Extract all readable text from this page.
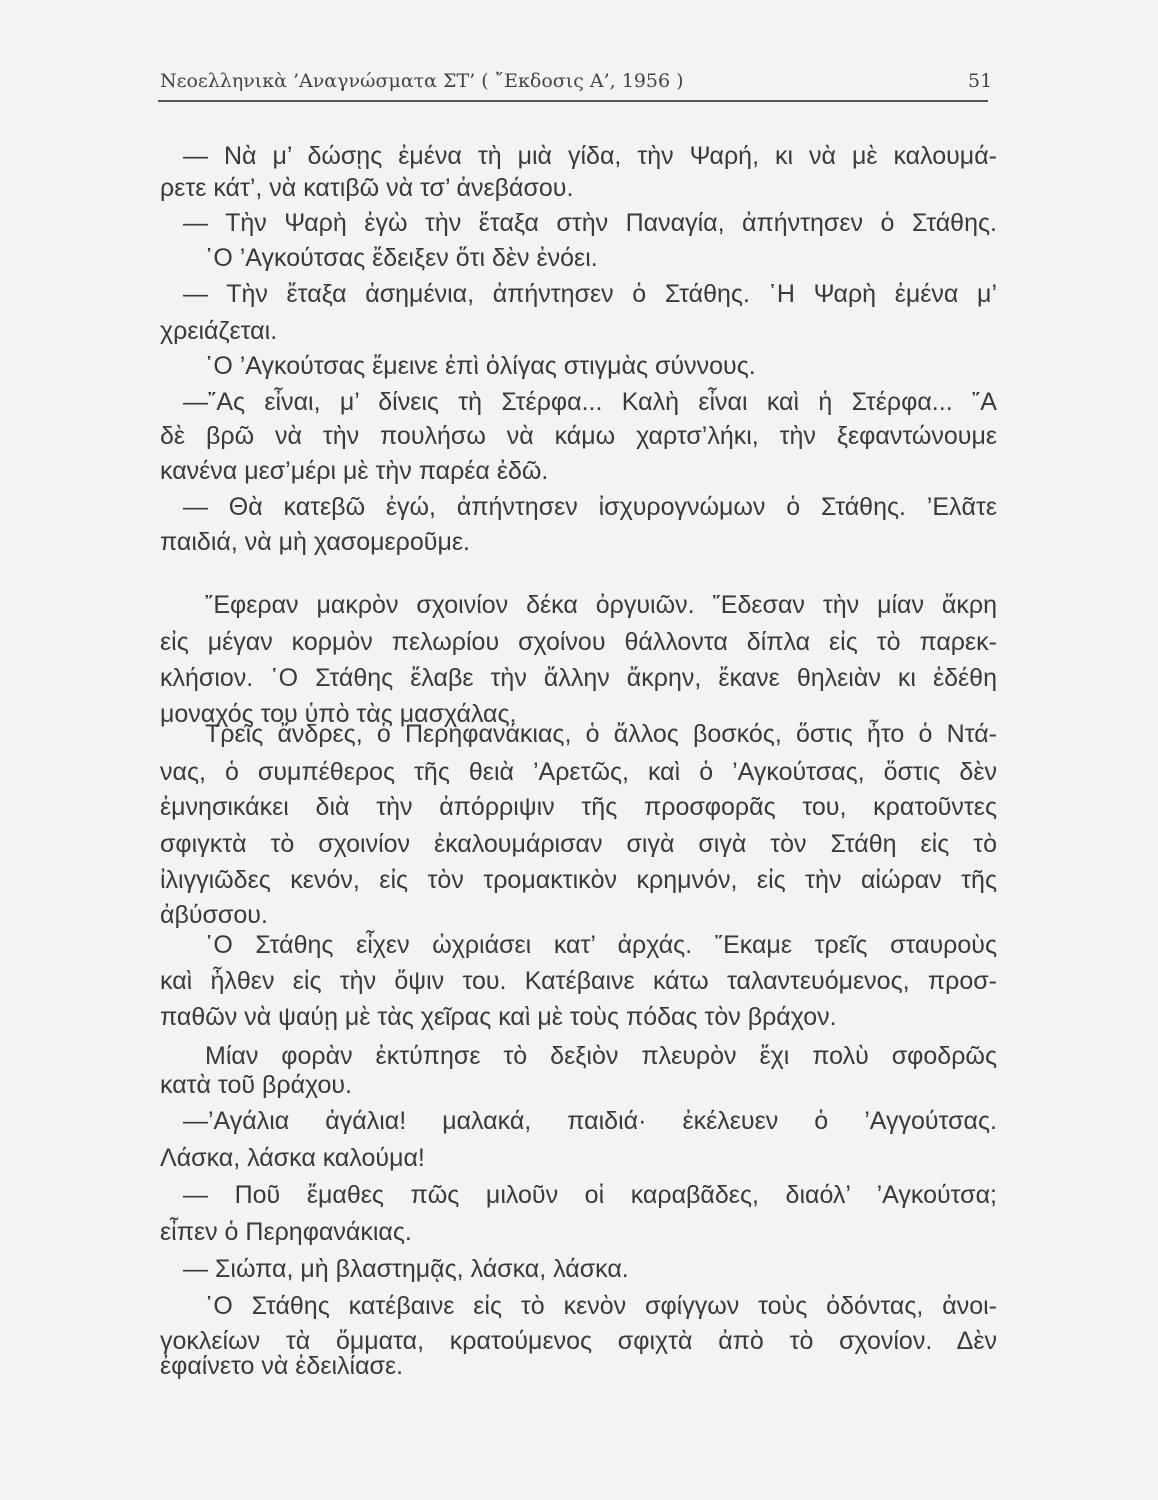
Νεοελληνικὰ ’Αναγνώσματα ΣΤ’ ( ῎Εκδοσις Α’, 1956 )	51
— Νὰ μ’ δώσῃς ἐμένα τὴ μιὰ γίδα, τὴν Ψαρή, κι νὰ μὲ καλουμά-
ρετε κάτ’, νὰ κατιβῶ νὰ τσ’ ἀνεβάσου.
— Τὴν Ψαρὴ ἐγὼ τὴν ἔταξα στὴν Παναγία, ἀπήντησεν ὁ Στάθης.
῾Ο ’Αγκούτσας ἔδειξεν ὅτι δὲν ἐνόει.
— Τὴν ἔταξα ἀσημένια, ἀπήντησεν ὁ Στάθης. ῾Η Ψαρὴ ἐμένα μ’
χρειάζεται.
῾Ο ’Αγκούτσας ἔμεινε ἐπὶ ὀλίγας στιγμὰς σύννους.
—῎Ας εἶναι, μ’ δίνεις τὴ Στέρφα... Καλὴ εἶναι καὶ ἡ Στέρφα... ῎Α
δὲ βρῶ νὰ τὴν πουλήσω νὰ κάμω χαρτσ’λήκι, τὴν ξεφαντώνουμε
κανένα μεσ’μέρι μὲ τὴν παρέα ἐδῶ.
— Θὰ κατεβῶ ἐγώ, ἀπήντησεν ἰσχυρογνώμων ὁ Στάθης. ’Ελᾶτε
παιδιά, νὰ μὴ χασομεροῦμε.
῎Εφεραν μακρὸν σχοινίον δέκα ὀργυιῶν. ῎Εδεσαν τὴν μίαν ἄκρη
εἰς μέγαν κορμὸν πελωρίου σχοίνου θάλλοντα δίπλα εἰς τὸ παρεκ-
κλήσιον. ῾Ο Στάθης ἔλαβε τὴν ἄλλην ἄκρην, ἔκανε θηλειὰν κι ἐδέθη
μοναχός του ὑπὸ τὰς μασχάλας.
Τρεῖς ἄνδρες, ὁ Περηφανάκιας, ὁ ἄλλος βοσκός, ὅστις ἦτο ὁ Ντά-
νας, ὁ συμπέθερος τῆς θειὰ ’Αρετῶς, καὶ ὁ ’Αγκούτσας, ὅστις δὲν
ἐμνησικάκει διὰ τὴν ἀπόρριψιν τῆς προσφορᾶς του, κρατοῦντες
σφιγκτὰ τὸ σχοινίον ἐκαλουμάρισαν σιγὰ σιγὰ τὸν Στάθη εἰς τὸ
ἰλιγγιῶδες κενόν, εἰς τὸν τρομακτικὸν κρημνόν, εἰς τὴν αἰώραν τῆς
ἀβύσσου.
῾Ο Στάθης εἶχεν ὠχριάσει κατ’ ἀρχάς. ῎Εκαμε τρεῖς σταυροὺς
καὶ ἦλθεν εἰς τὴν ὄψιν του. Κατέβαινε κάτω ταλαντευόμενος, προσ-
παθῶν νὰ ψαύῃ μὲ τὰς χεῖρας καὶ μὲ τοὺς πόδας τὸν βράχον.
Μίαν φορὰν ἐκτύπησε τὸ δεξιὸν πλευρὸν ἔχι πολὺ σφοδρῶς
κατὰ τοῦ βράχου.
—’Αγάλια ἀγάλια! μαλακά, παιδιά· ἐκέλευεν ὁ ’Αγγούτσας.
Λάσκα, λάσκα καλούμα!
— Ποῦ ἔμαθες πῶς μιλοῦν οἱ καραβᾶδες, διαόλ’ ’Αγκούτσα;
εἶπεν ὁ Περηφανάκιας.
— Σιώπα, μὴ βλαστημᾷς, λάσκα, λάσκα.
῾Ο Στάθης κατέβαινε εἰς τὸ κενὸν σφίγγων τοὺς ὀδόντας, ἀνοι-
γοκλείων τὰ ὄμματα, κρατούμενος σφιχτὰ ἀπὸ τὸ σχονίον. Δὲν
ἐφαίνετο νὰ ἐδειλίασε.
